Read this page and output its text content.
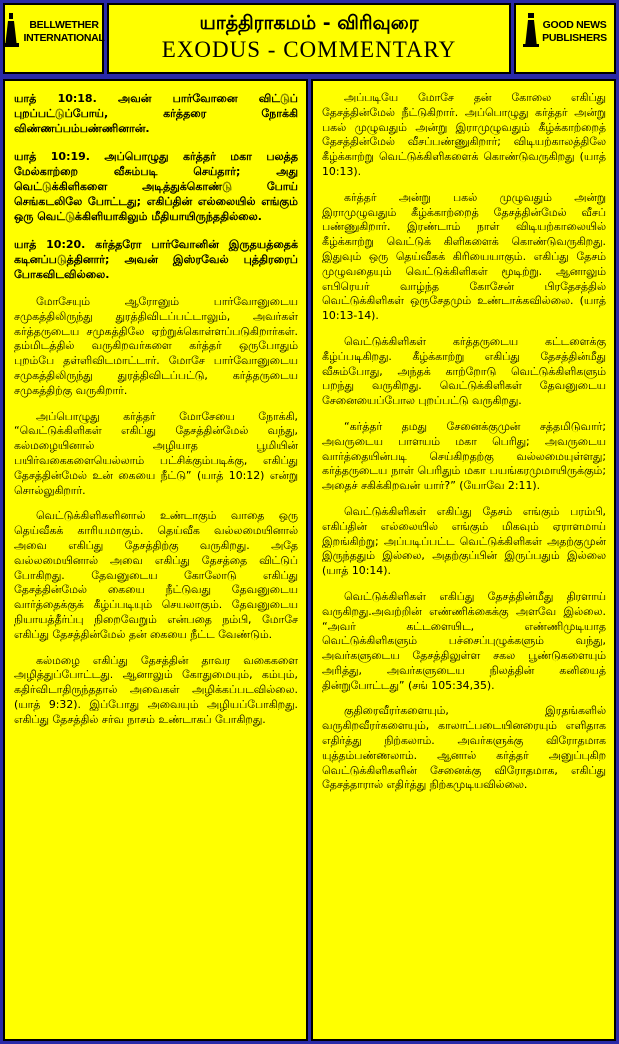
BELLWETHER
INTERNATIONAL
யாத்திராகமம் - விரிவுரை
EXODUS - COMMENTARY
GOOD NEWS
PUBLISHERS

யாத் 10:18. அவன் பார்வோனை விட்டுப் புறப்பட்டுப்போய், கர்த்தரை நோக்கி விண்ணப்பம்பண்ணினான்.

யாத் 10:19. அப்பொழுது கர்த்தர் மகா பலத்த மேல்காற்றை வீசும்படி செய்தார்; அது வெட்டுக்கிளிகளை அடித்துக்கொண்டு போய் செங்கடலிலே போட்டது; எகிப்தின் எல்லையில் எங்கும் ஒரு வெட்டுக்கிளியாகிலும் மீதியாயிருந்ததில்லை.

யாத் 10:20. கர்த்தரோ பார்வோனின் இருதயத்தைக் கடினப்படுத்தினார்; அவன் இஸ்ரவேல் புத்திரரைப் போகவிடவில்லை.

மோசேயும் ஆரோனும் பார்வோனுடைய சமுகத்திலிருந்து துரத்திவிடப்பட்டாலும், அவர்கள் கர்த்தருடைய சமுகத்திலே ஏற்றுக்கொள்ளப்படுகிறார்கள். தம்மிடத்தில் வருகிறவர்களை கர்த்தர் ஒருபோதும் புறம்பே தள்ளிவிடமாட்டார். மோசே பார்வோனுடைய சமுகத்திலிருந்து துரத்திவிடப்பட்டு, கர்த்தருடைய சமுகத்திற்கு வருகிறார்.

அப்பொழுது கர்த்தர் மோசேயை நோக்கி, “வெட்டுக்கிளிகள் எகிப்து தேசத்தின்மேல் வந்து, கல்மழையினால் அழியாத பூமியின் பயிர்வகைகளையெல்லாம் பட்சிக்கும்படிக்கு, எகிப்து தேசத்தின்மேல் உன் கையை நீட்டு” (யாத் 10:12) என்று சொல்லுகிறார்.

வெட்டுக்கிளிகளினால் உண்டாகும் வாதை ஒரு தெய்வீகக் காரியமாகும். தெய்வீக வல்லமையினால் அவை எகிப்து தேசத்திற்கு வருகிறது. அதே வல்லமையினால் அவை எகிப்து தேசத்தை விட்டுப் போகிறது. தேவனுடைய கோலோடு எகிப்து தேசத்தின்மேல் கையை நீட்டுவது தேவனுடைய வார்த்தைக்குக் கீழ்ப்படியும் செயலாகும். தேவனுடைய நியாயத்தீர்ப்பு நிறைவேறும் என்பதை நம்பி, மோசே எகிப்து தேசத்தின்மேல் தன் கையை நீட்ட வேண்டும்.

கல்மழை எகிப்து தேசத்தின் தாவர வகைகளை அழித்துப்போட்டது. ஆனாலும் கோதுமையும், கம்பும், கதிர்விடாதிருந்ததால் அவைகள் அழிக்கப்படவில்லை. (யாத் 9:32). இப்போது அவையும் அழியப்போகிறது. எகிப்து தேசத்தில் சர்வ நாசம் உண்டாகப் போகிறது.

அப்படியே மோசே தன் கோலை எகிப்து தேசத்தின்மேல் நீட்டுகிறார். அப்பொழுது கர்த்தர் அன்று பகல் முழுவதும் அன்று இராமுழுவதும் கீழ்க்காற்றைத் தேசத்தின்மேல் வீசப்பண்ணுகிறார்; விடியற்காலத்திலே கீழ்க்காற்று வெட்டுக்கிளிகளைக் கொண்டுவருகிறது (யாத் 10:13).

கர்த்தர் அன்று பகல் முழுவதும் அன்று இராமுழுவதும் கீழ்க்காற்றைத் தேசத்தின்மேல் வீசப் பண்ணுகிறார். இரண்டாம் நாள் விடியற்காலையில் கீழ்க்காற்று வெட்டுக் கிளிகளைக் கொண்டுவருகிறது. இதுவும் ஒரு தெய்வீகக் கிரியையாகும். எகிப்து தேசம் முழுவதையும் வெட்டுக்கிளிகள் மூடிற்று. ஆனாலும் எபிரெயர் வாழ்ந்த கோசேன் பிரதேசத்தில் வெட்டுக்கிளிகள் ஒருசேதமும் உண்டாக்கவில்லை. (யாத் 10:13-14).

வெட்டுக்கிளிகள் கர்த்தருடைய கட்டளைக்கு கீழ்ப்படிகிறது. கீழ்க்காற்று எகிப்து தேசத்தின்மீது வீசும்போது, அந்தக் காற்றோடு வெட்டுக்கிளிகளும் பறந்து வருகிறது. வெட்டுக்கிளிகள் தேவனுடைய சேனையைப்போல புறப்பட்டு வருகிறது.

“கர்த்தர் தமது சேனைக்குமுன் சத்தமிடுவார்; அவருடைய பாளயம் மகா பெரிது; அவருடைய வார்த்தையின்படி செய்கிறதற்கு வல்லமையுள்ளது; கர்த்தருடைய நாள் பெரிதும் மகா பயங்கரமுமாயிருக்கும்; அதைச் சகிக்கிறவன் யார்?” (யோவே 2:11).

வெட்டுக்கிளிகள் எகிப்து தேசம் எங்கும் பரம்பி, எகிப்தின் எல்லையில் எங்கும் மிகவும் ஏராளமாய் இறங்கிற்று; அப்படிப்பட்ட வெட்டுக்கிளிகள் அதற்குமுன் இருந்ததும் இல்லை, அதற்குப்பின் இருப்பதும் இல்லை (யாத் 10:14).

வெட்டுக்கிளிகள் எகிப்து தேசத்தின்மீது திரளாய் வருகிறது.அவற்றின் எண்ணிக்கைக்கு அளவே இல்லை. “அவர் கட்டளையிட, எண்ணிமுடியாத வெட்டுக்கிளிகளும் பச்சைப்புழுக்களும் வந்து, அவர்களுடைய தேசத்திலுள்ள சகல பூண்டுகளையும் அரித்து, அவர்களுடைய நிலத்தின் கனியைத் தின்றுபோட்டது” (சங் 105:34,35).

குதிரைவீரர்களையும், இரதங்களில் வருகிறவீரர்களையும், காலாட்படையினரையும் எளிதாக எதிர்த்து நிற்கலாம். அவர்களுக்கு விரோதமாக யுத்தம்பண்ணலாம். ஆனால் கர்த்தர் அனுப்புகிற வெட்டுக்கிளிகளின் சேனைக்கு விரோதமாக, எகிப்து தேசத்தாரால் எதிர்த்து நிற்கமுடியவில்லை.
